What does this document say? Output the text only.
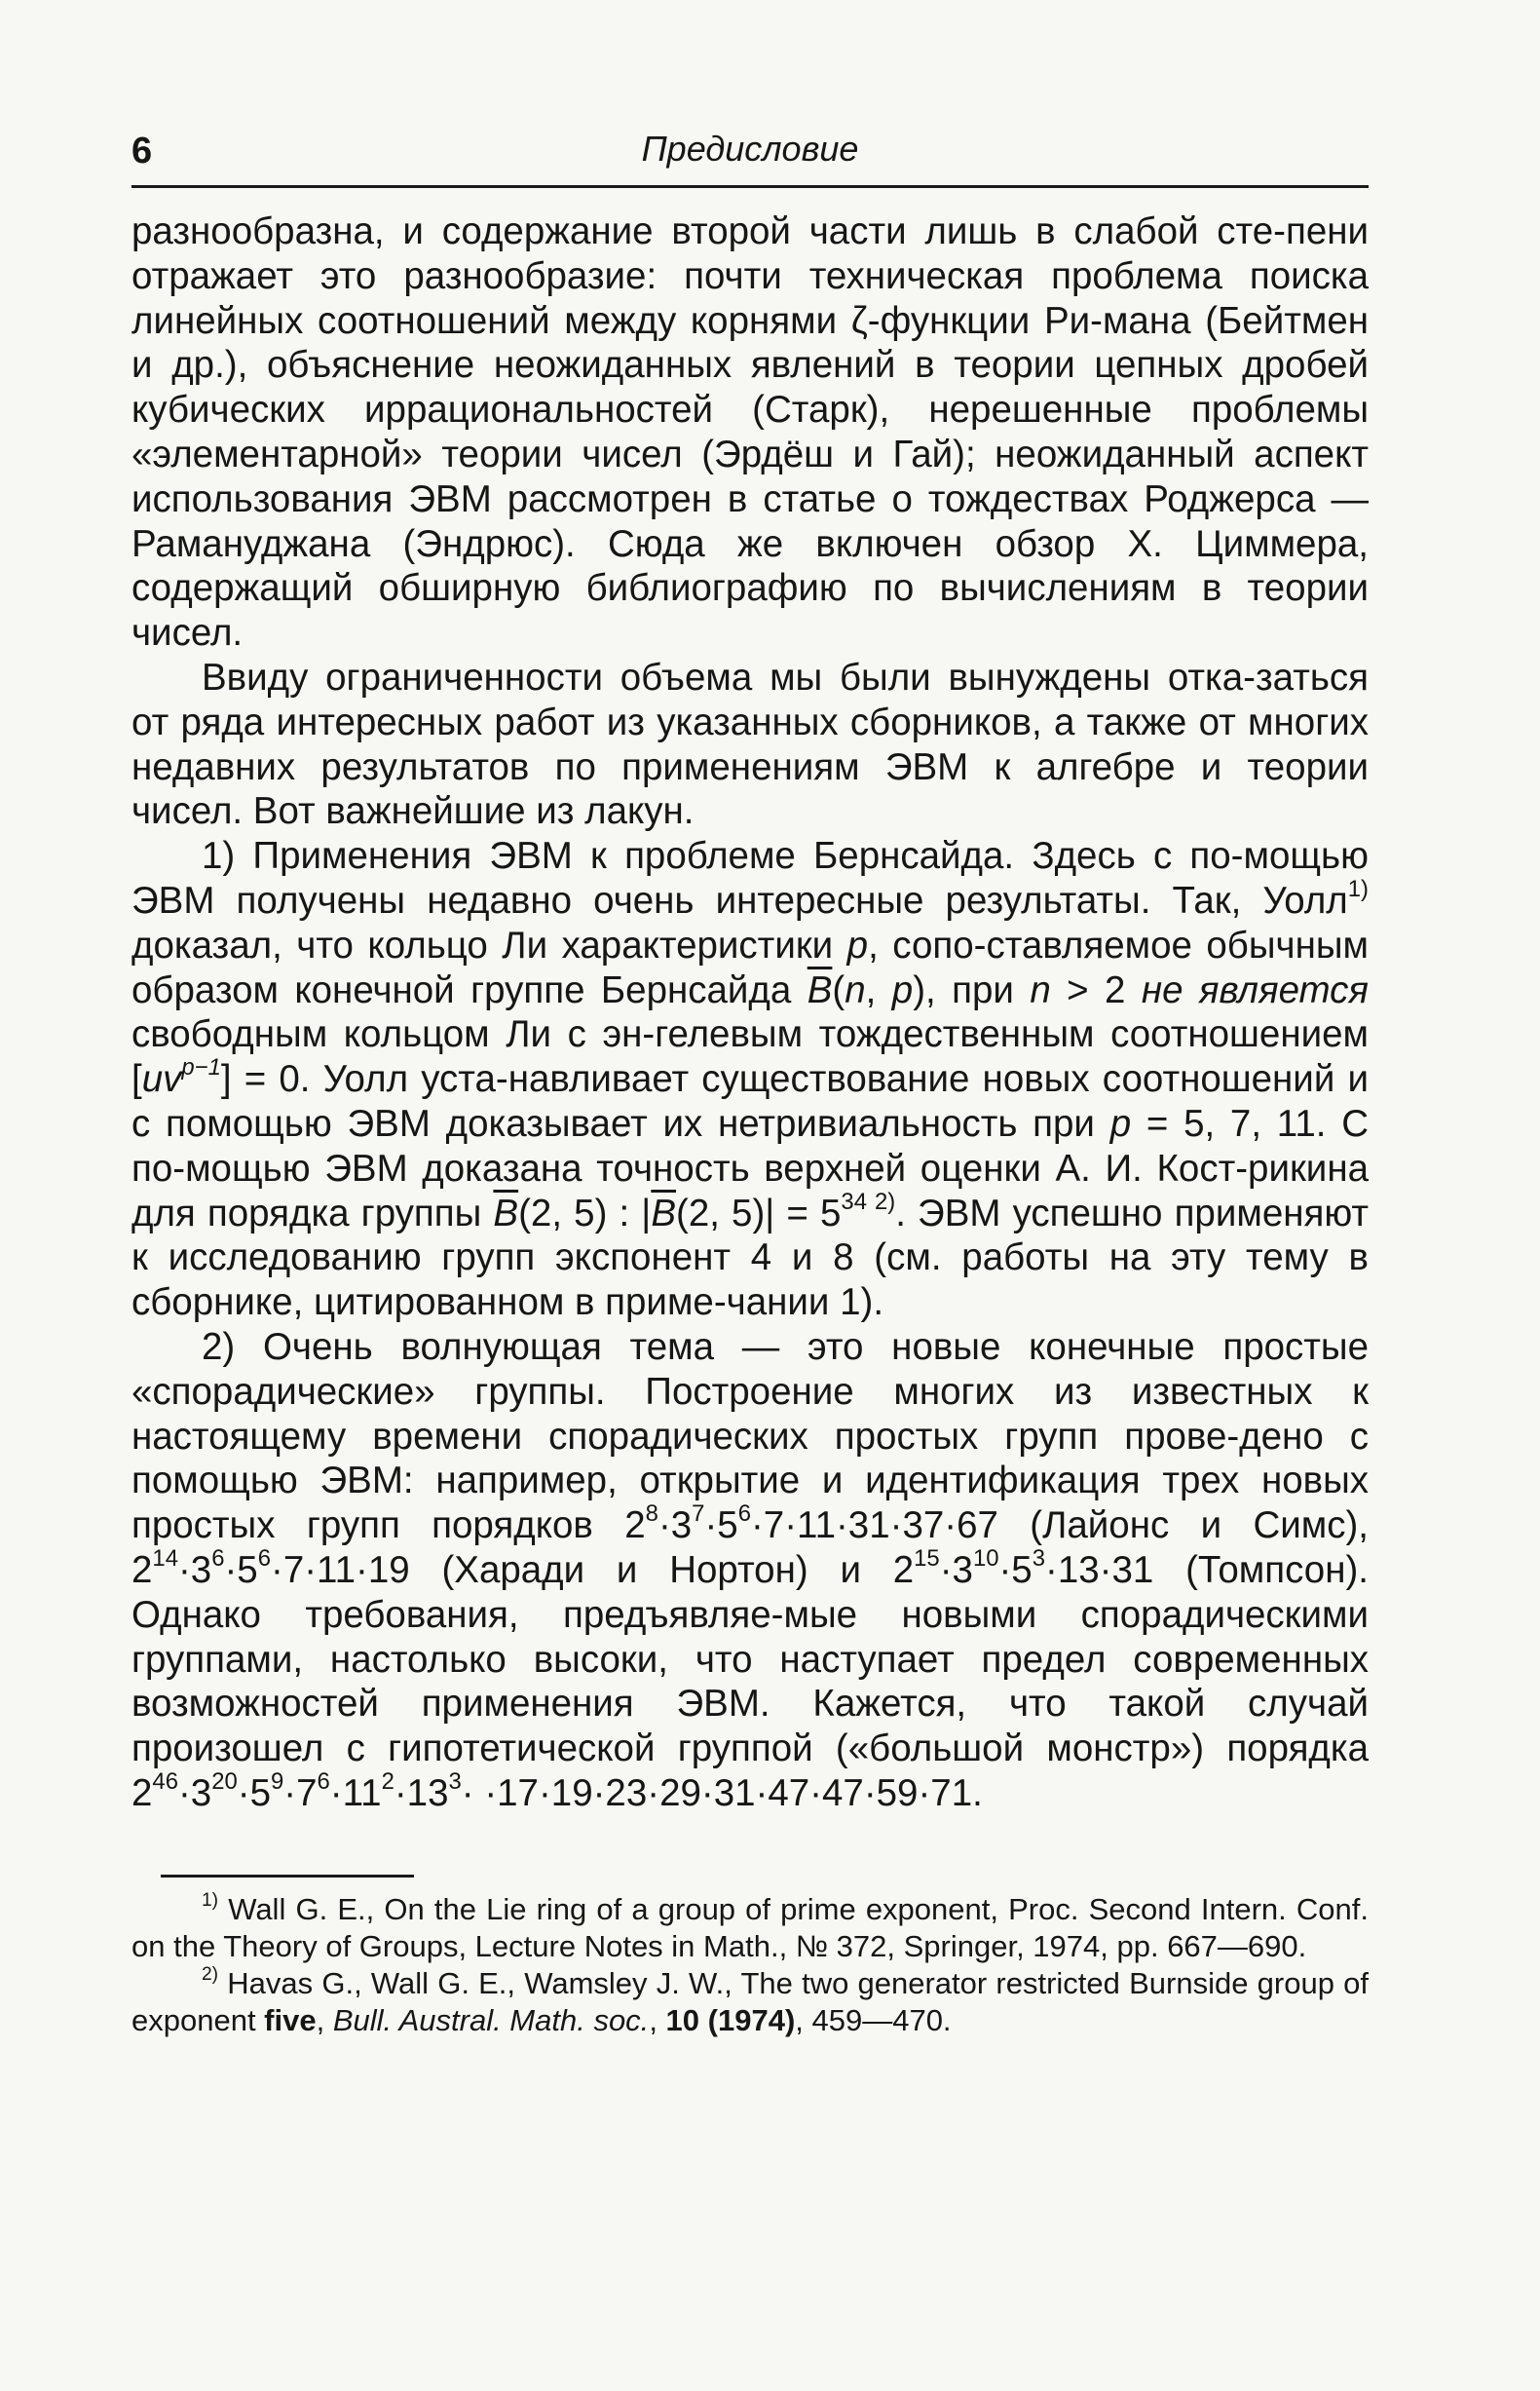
6	Предисловие

разнообразна, и содержание второй части лишь в слабой сте-пени отражает это разнообразие: почти техническая проблема поиска линейных соотношений между корнями ζ-функции Ри-мана (Бейтмен и др.), объяснение неожиданных явлений в теории цепных дробей кубических иррациональностей (Старк), нерешенные проблемы «элементарной» теории чисел (Эрдёш и Гай); неожиданный аспект использования ЭВМ рассмотрен в статье о тождествах Роджерса — Рамануджана (Эндрюс). Сюда же включен обзор X. Циммера, содержащий обширную библиографию по вычислениям в теории чисел.

Ввиду ограниченности объема мы были вынуждены отка-заться от ряда интересных работ из указанных сборников, а также от многих недавних результатов по применениям ЭВМ к алгебре и теории чисел. Вот важнейшие из лакун.

1) Применения ЭВМ к проблеме Бернсайда. Здесь с по-мощью ЭВМ получены недавно очень интересные результаты. Так, Уолл$^{1)}$ доказал, что кольцо Ли характеристики p, сопо-ставляемое обычным образом конечной группе Бернсайда $\overline{B}(n$, p), при n > 2 не является свободным кольцом Ли с эн-гелевым тождественным соотношением $[uv^{p-1}] = 0$. Уолл уста-навливает существование новых соотношений и с помощью ЭВМ доказывает их нетривиальность при p = 5, 7, 11. С по-мощью ЭВМ доказана точность верхней оценки А. И. Кост-рикина для порядка группы $\overline{B}(2$, 5) : $|\overline{B}(2$, $5)| = 5^{34}$ $^{2)}$. ЭВМ успешно применяют к исследованию групп экспонент 4 и 8 (см. работы на эту тему в сборнике, цитированном в приме-чании 1).

2) Очень волнующая тема — это новые конечные простые «спорадические» группы. Построение многих из известных к настоящему времени спорадических простых групп прове-дено с помощью ЭВМ: например, открытие и идентификация трех новых простых групп порядков $2^8\cdot 3^7\cdot 5^6\cdot 7\cdot 11\cdot 31\cdot 37\cdot 67$ (Лайонс и Симс), $2^{14}\cdot 3^6\cdot 5^6\cdot 7\cdot 11\cdot 19$ (Харади и Нортон) и $2^{15}\cdot 3^{10}\cdot 5^3\cdot 13\cdot 31$ (Томпсон). Однако требования, предъявляе-мые новыми спорадическими группами, настолько высоки, что наступает предел современных возможностей применения ЭВМ. Кажется, что такой случай произошел с гипотетической группой («большой монстр») порядка $2^{46}\cdot 3^{20}\cdot 5^9\cdot 7^6\cdot 11^2\cdot 13^3\cdot \cdot 17\cdot 19\cdot 23\cdot 29\cdot 31\cdot 47\cdot 47\cdot 59\cdot 71$.

$^{1)}$ Wall G. E., On the Lie ring of a group of prime exponent, Proc. Second Intern. Conf. on the Theory of Groups, Lecture Notes in Math., № 372, Springer, 1974, pp. 667—690.

$^{2)}$ Havas G., Wall G. E., Wamsley J. W., The two generator restricted Burnside group of exponent five, Bull. Austral. Math. soc., 10 (1974), 459—470.
